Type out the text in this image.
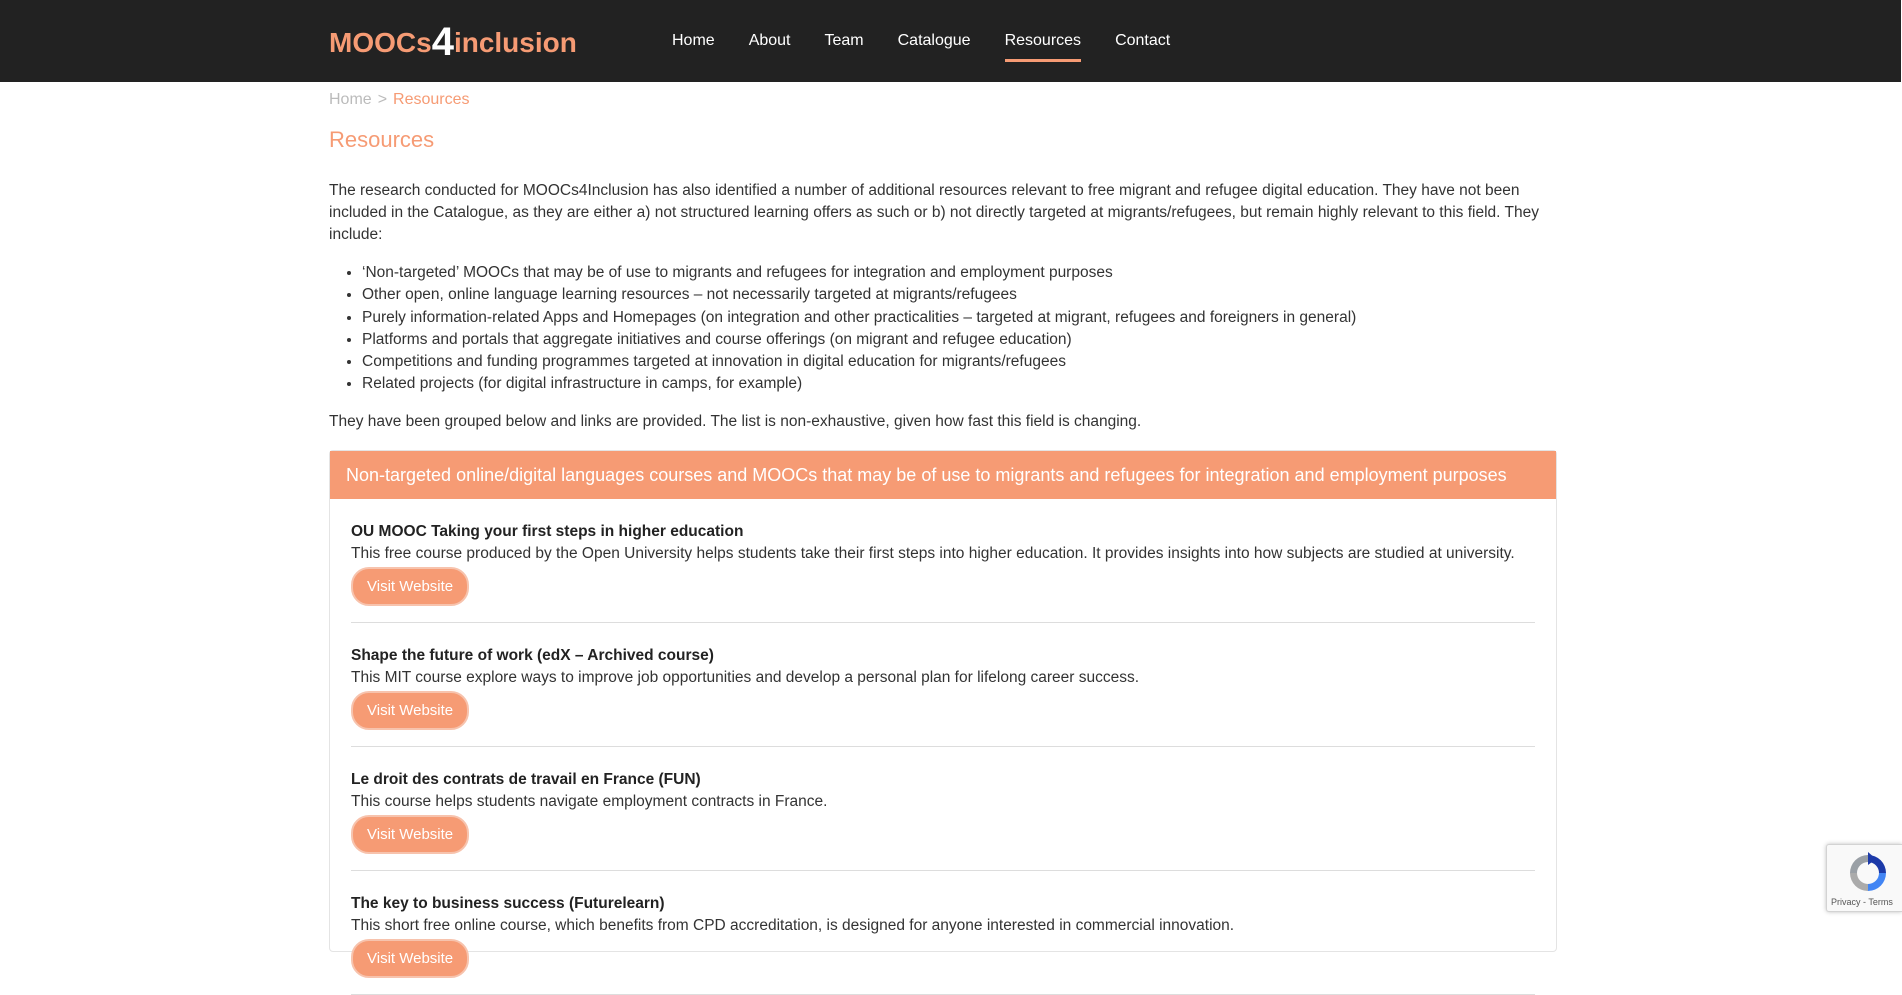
MOOCs4inclusion	Home	About	Team	Catalogue	Resources	Contact
Home > Resources
Resources

The research conducted for MOOCs4Inclusion has also identified a number of additional resources relevant to free migrant and refugee digital education. They have not been included in the Catalogue, as they are either a) not structured learning offers as such or b) not directly targeted at migrants/refugees, but remain highly relevant to this field. They include:

• ‘Non-targeted’ MOOCs that may be of use to migrants and refugees for integration and employment purposes
• Other open, online language learning resources – not necessarily targeted at migrants/refugees
• Purely information-related Apps and Homepages (on integration and other practicalities – targeted at migrant, refugees and foreigners in general)
• Platforms and portals that aggregate initiatives and course offerings (on migrant and refugee education)
• Competitions and funding programmes targeted at innovation in digital education for migrants/refugees
• Related projects (for digital infrastructure in camps, for example)

They have been grouped below and links are provided. The list is non-exhaustive, given how fast this field is changing.

Non-targeted online/digital languages courses and MOOCs that may be of use to migrants and refugees for integration and employment purposes

OU MOOC Taking your first steps in higher education

This free course produced by the Open University helps students take their first steps into higher education. It provides insights into how subjects are studied at university.

Visit Website

Shape the future of work (edX – Archived course)

This MIT course explore ways to improve job opportunities and develop a personal plan for lifelong career success.

Visit Website

Le droit des contrats de travail en France (FUN)

This course helps students navigate employment contracts in France.

Visit Website

The key to business success (Futurelearn)

This short free online course, which benefits from CPD accreditation, is designed for anyone interested in commercial innovation.

Visit Website
Privacy - Terms
